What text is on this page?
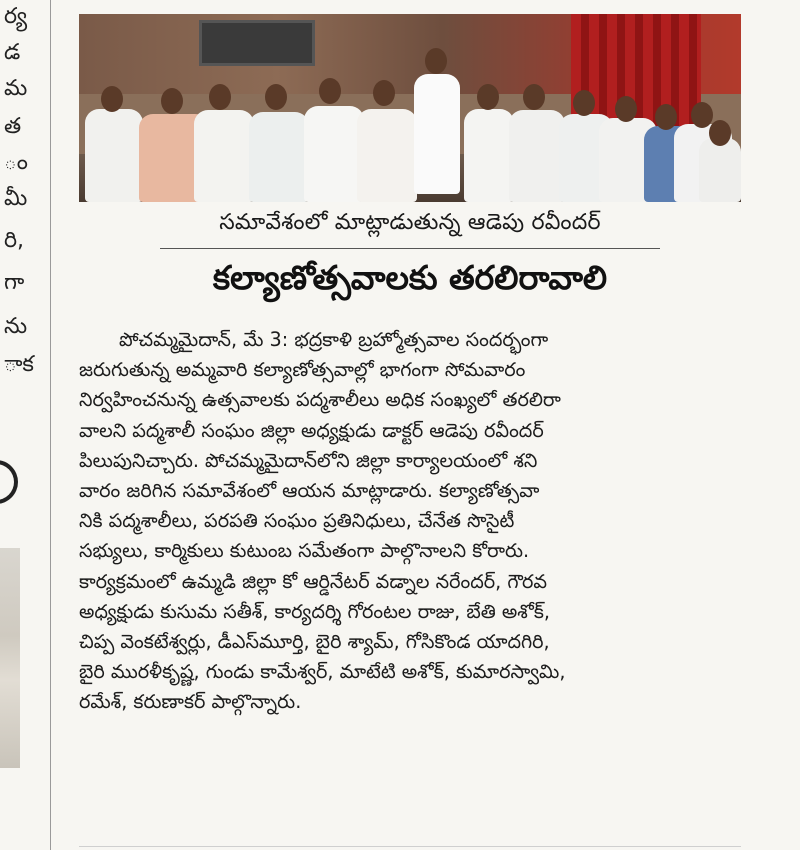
ర్య
డ
మ
త
ం
మీ
రి,
గా
ను
ాక
సమావేశంలో మాట్లాడుతున్న ఆడెపు రవీందర్
కల్యాణోత్సవాలకు తరలిరావాలి
పోచమ్మమైదాన్, మే 3: భద్రకాళి బ్రహ్మోత్సవాల సందర్భంగా
జరుగుతున్న అమ్మవారి కల్యాణోత్సవాల్లో భాగంగా సోమవారం
నిర్వహించనున్న ఉత్సవాలకు పద్మశాలీలు అధిక సంఖ్యలో తరలిరా
వాలని పద్మశాలీ సంఘం జిల్లా అధ్యక్షుడు డాక్టర్ ఆడెపు రవీందర్
పిలుపునిచ్చారు. పోచమ్మమైదాన్‌లోని జిల్లా కార్యాలయంలో శని
వారం జరిగిన సమావేశంలో ఆయన మాట్లాడారు. కల్యాణోత్సవా
నికి పద్మశాలీలు, పరపతి సంఘం ప్రతినిధులు, చేనేత సొసైటీ
సభ్యులు, కార్మికులు కుటుంబ సమేతంగా పాల్గొనాలని కోరారు.
కార్యక్రమంలో ఉమ్మడి జిల్లా కో ఆర్డినేటర్ వడ్నాల నరేందర్, గౌరవ
అధ్యక్షుడు కుసుమ సతీశ్, కార్యదర్శి గోరంటల రాజు, బేతి అశోక్,
చిప్ప వెంకటేశ్వర్లు, డీఎస్‌మూర్తి, బైరి శ్యామ్, గోసికొండ యాదగిరి,
బైరి మురళీకృష్ణ, గుండు కామేశ్వర్, మాటేటి అశోక్, కుమారస్వామి,
రమేశ్, కరుణాకర్ పాల్గొన్నారు.
